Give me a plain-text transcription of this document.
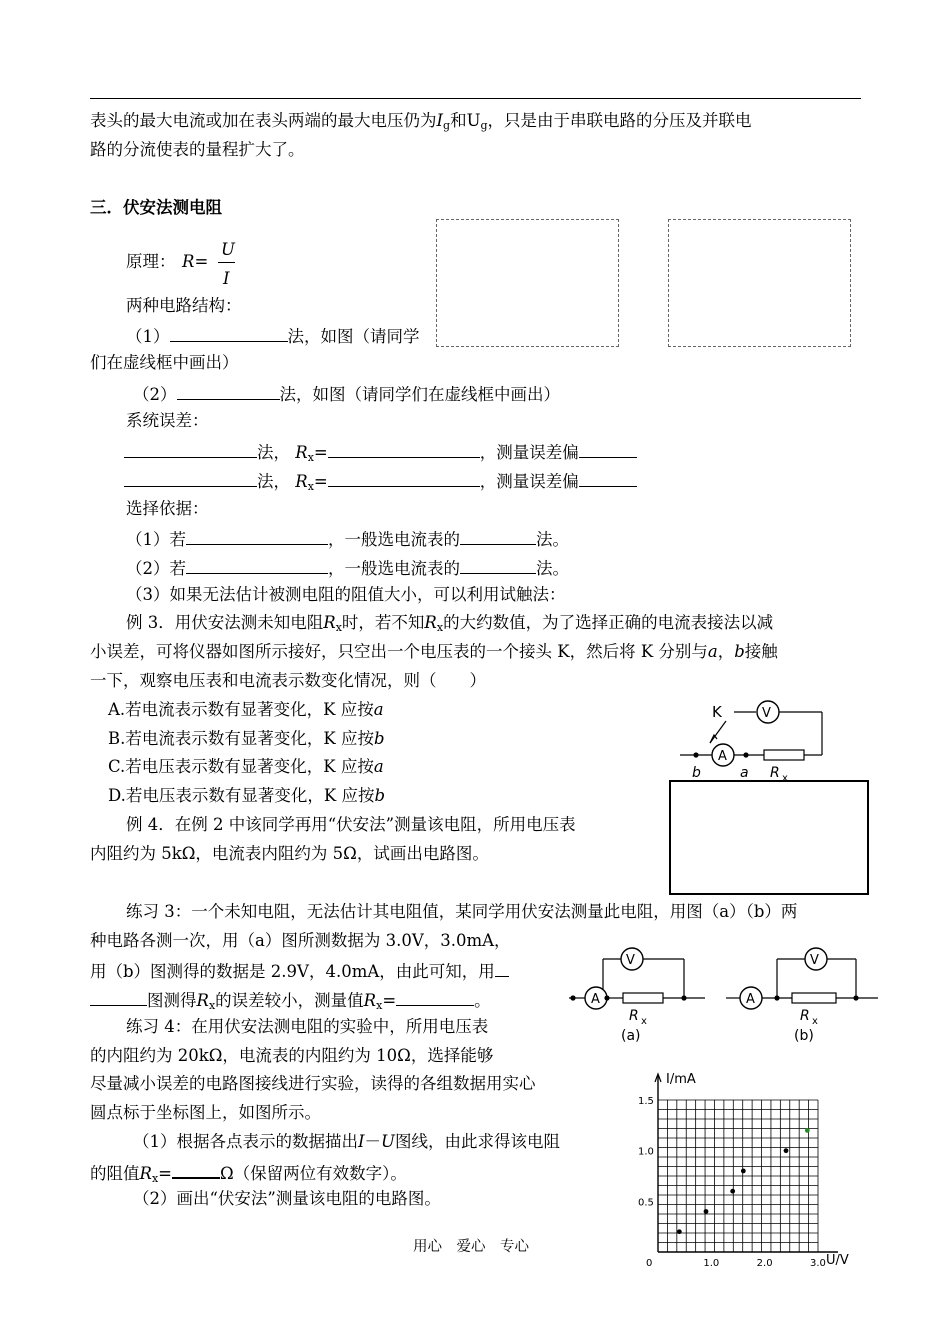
表头的最大电流或加在表头两端的最大电压仍为$I_g$和$U_g$，只是由于串联电路的分压及并联电
路的分流使表的量程扩大了。
三．伏安法测电阻
原理： R=
U
I
两种电路结构：
（1）	法，如图（请同学
们在虚线框中画出）
（2）	法，如图（请同学们在虚线框中画出）
系统误差：
法， $R_x=$	，测量误差偏
法， $R_x=$	，测量误差偏
选择依据：
（1）若	，一般选电流表的	法。
（2）若	，一般选电流表的	法。
（3）如果无法估计被测电阻的阻值大小，可以利用试触法：
例 3．用伏安法测未知电阻$R_x$时，若不知$R_x$的大约数值，为了选择正确的电流表接法以减
小误差，可将仪器如图所示接好，只空出一个电压表的一个接头 K，然后将 K 分别与a，b接触
一下，观察电压表和电流表示数变化情况，则（　　）
A.若电流表示数有显著变化，K 应按a
B.若电流表示数有显著变化，K 应按b
C.若电压表示数有显著变化，K 应按a
D.若电压表示数有显著变化，K 应按b
K	V
A
b	a R x
例 4．在例 2 中该同学再用“伏安法”测量该电阻，所用电压表
内阻约为 5kΩ，电流表内阻约为 5Ω，试画出电路图。
练习 3：一个未知电阻，无法估计其电阻值，某同学用伏安法测量此电阻，用图（a）（b）两
种电路各测一次，用（a）图所测数据为 3.0V，3.0mA，
用（b）图测得的数据是 2.9V，4.0mA，由此可知，用
图测得$R_x$的误差较小，测量值$R_x=$	。
V
A
R x
(a)
A
V
R x
(b)
练习 4：在用伏安法测电阻的实验中，所用电压表
的内阻约为 20kΩ，电流表的内阻约为 10Ω，选择能够
尽量减小误差的电路图接线进行实验，读得的各组数据用实心
圆点标于坐标图上，如图所示。
（1）根据各点表示的数据描出I－U图线，由此求得该电阻
的阻值$R_x=$	Ω（保留两位有效数字）。
（2）画出“伏安法”测量该电阻的电路图。
用心　爱心　专心
0	1.0	2.0	3.0
0.5
1.0
1.5
I/mA
U/V
